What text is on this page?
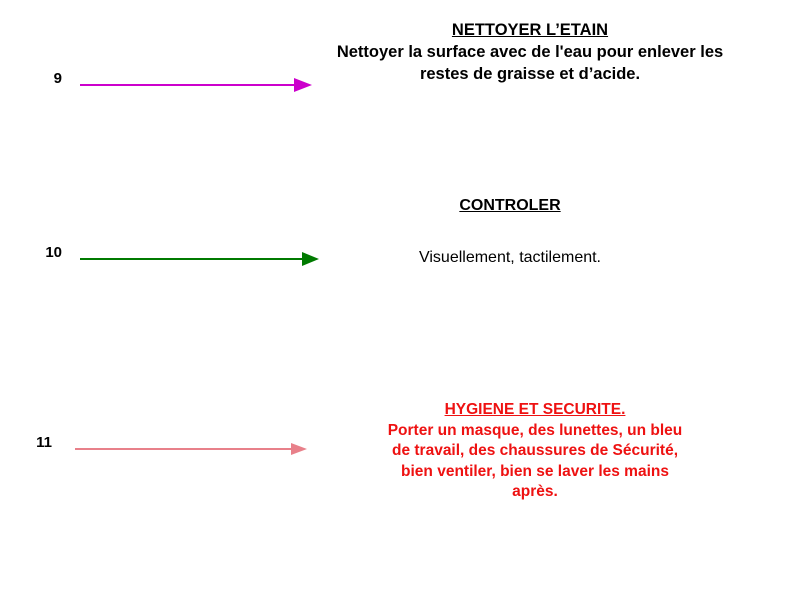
9
NETTOYER L’ETAIN
Nettoyer la surface avec de l'eau pour enlever les restes de graisse et d’acide.
10
CONTROLER
Visuellement, tactilement.
11
HYGIENE ET SECURITE.
Porter un masque, des lunettes, un bleu de travail, des chaussures de Sécurité, bien ventiler, bien se laver les mains après.
